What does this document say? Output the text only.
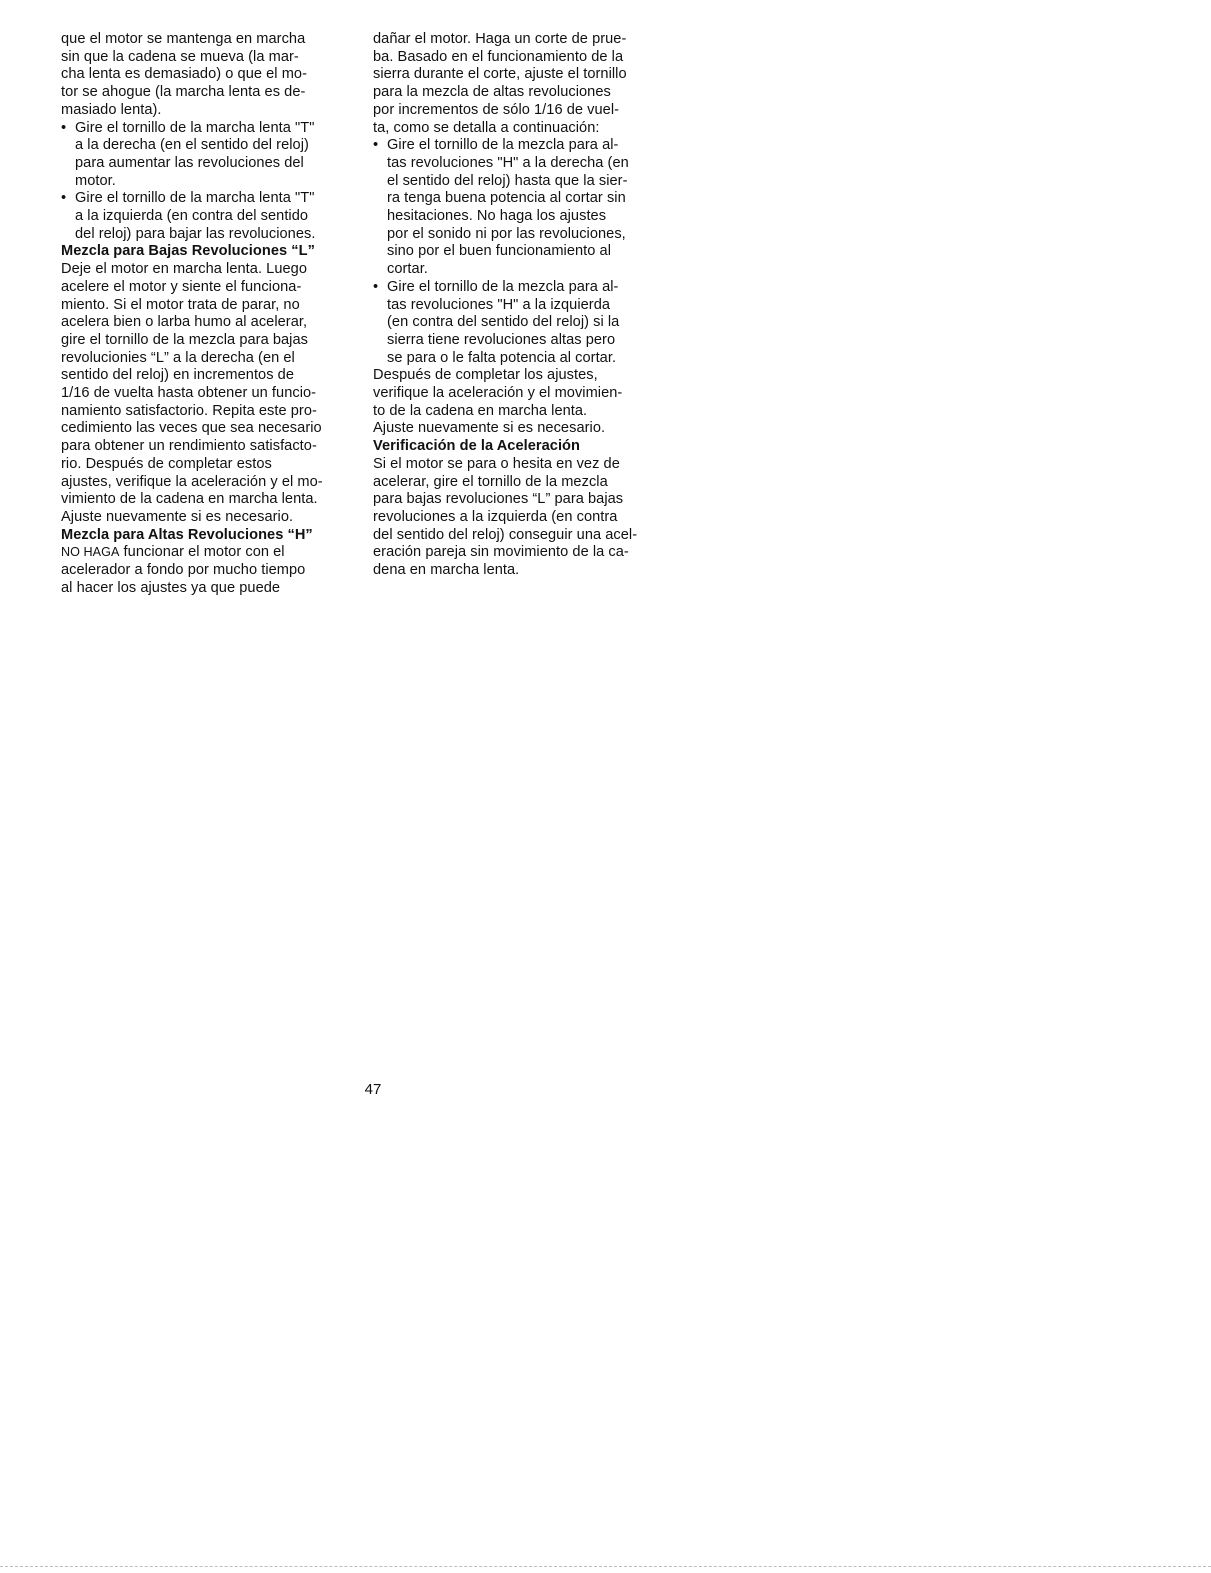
que el motor se mantenga en marcha
sin que la cadena se mueva (la mar-
cha lenta es demasiado) o que el mo-
tor se ahogue (la marcha lenta es de-
masiado lenta).
• Gire el tornillo de la marcha lenta "T"
a la derecha (en el sentido del reloj)
para aumentar las revoluciones del
motor.
• Gire el tornillo de la marcha lenta "T"
a la izquierda (en contra del sentido
del reloj) para bajar las revoluciones.
Mezcla para Bajas Revoluciones “L”
Deje el motor en marcha lenta. Luego
acelere el motor y siente el funciona-
miento. Si el motor trata de parar, no
acelera bien o larba humo al acelerar,
gire el tornillo de la mezcla para bajas
revolucionies “L” a la derecha (en el
sentido del reloj) en incrementos de
1/16 de vuelta hasta obtener un funcio-
namiento satisfactorio. Repita este pro-
cedimiento las veces que sea necesario
para obtener un rendimiento satisfacto-
rio. Después de completar estos
ajustes, verifique la aceleración y el mo-
vimiento de la cadena en marcha lenta.
Ajuste nuevamente si es necesario.
Mezcla para Altas Revoluciones “H”
NO HAGA funcionar el motor con el
acelerador a fondo por mucho tiempo
al hacer los ajustes ya que puede
dañar el motor. Haga un corte de prue-
ba. Basado en el funcionamiento de la
sierra durante el corte, ajuste el tornillo
para la mezcla de altas revoluciones
por incrementos de sólo 1/16 de vuel-
ta, como se detalla a continuación:
• Gire el tornillo de la mezcla para al-
tas revoluciones "H" a la derecha (en
el sentido del reloj) hasta que la sier-
ra tenga buena potencia al cortar sin
hesitaciones. No haga los ajustes
por el sonido ni por las revoluciones,
sino por el buen funcionamiento al
cortar.
• Gire el tornillo de la mezcla para al-
tas revoluciones "H" a la izquierda
(en contra del sentido del reloj) si la
sierra tiene revoluciones altas pero
se para o le falta potencia al cortar.
Después de completar los ajustes,
verifique la aceleración y el movimien-
to de la cadena en marcha lenta.
Ajuste nuevamente si es necesario.
Verificación de la Aceleración
Si el motor se para o hesita en vez de
acelerar, gire el tornillo de la mezcla
para bajas revoluciones “L” para bajas
revoluciones a la izquierda (en contra
del sentido del reloj) conseguir una acel-
eración pareja sin movimiento de la ca-
dena en marcha lenta.
47
